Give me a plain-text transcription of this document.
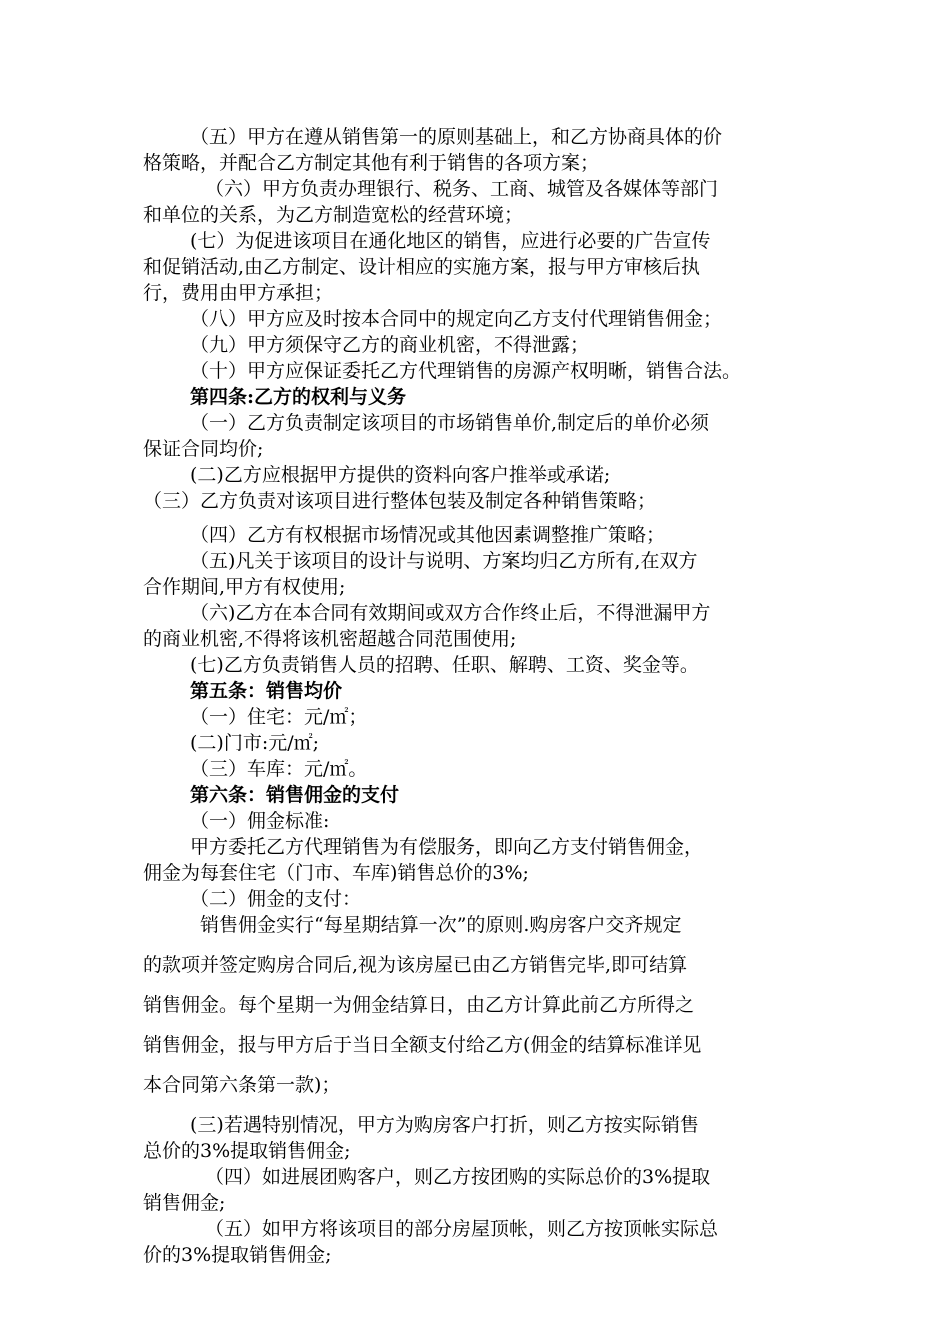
（五）甲方在遵从销售第一的原则基础上，和乙方协商具体的价
格策略，并配合乙方制定其他有利于销售的各项方案；
（六）甲方负责办理银行、税务、工商、城管及各媒体等部门
和单位的关系，为乙方制造宽松的经营环境；
(七）为促进该项目在通化地区的销售，应进行必要的广告宣传
和促销活动,由乙方制定、设计相应的实施方案，报与甲方审核后执
行，费用由甲方承担；
（八）甲方应及时按本合同中的规定向乙方支付代理销售佣金；
（九）甲方须保守乙方的商业机密，不得泄露；
（十）甲方应保证委托乙方代理销售的房源产权明晰，销售合法。
第四条:乙方的权利与义务
（一）乙方负责制定该项目的市场销售单价,制定后的单价必须
保证合同均价;
(二)乙方应根据甲方提供的资料向客户推举或承诺;
（三）乙方负责对该项目进行整体包装及制定各种销售策略；
（四）乙方有权根据市场情况或其他因素调整推广策略；
（五)凡关于该项目的设计与说明、方案均归乙方所有,在双方
合作期间,甲方有权使用;
（六)乙方在本合同有效期间或双方合作终止后，不得泄漏甲方
的商业机密,不得将该机密超越合同范围使用;
(七)乙方负责销售人员的招聘、任职、解聘、工资、奖金等。
第五条：销售均价
（一）住宅：元/㎡；
(二)门市:元/㎡;
（三）车库：元/㎡。
第六条：销售佣金的支付
（一）佣金标准:
甲方委托乙方代理销售为有偿服务，即向乙方支付销售佣金，
佣金为每套住宅（门市、车库)销售总价的3%;
（二）佣金的支付：
销售佣金实行“每星期结算一次”的原则.购房客户交齐规定
的款项并签定购房合同后,视为该房屋已由乙方销售完毕,即可结算
销售佣金。每个星期一为佣金结算日，由乙方计算此前乙方所得之
销售佣金，报与甲方后于当日全额支付给乙方(佣金的结算标准详见
本合同第六条第一款)；
(三)若遇特别情况，甲方为购房客户打折，则乙方按实际销售
总价的3%提取销售佣金;
（四）如进展团购客户，则乙方按团购的实际总价的3%提取
销售佣金;
（五）如甲方将该项目的部分房屋顶帐，则乙方按顶帐实际总
价的3%提取销售佣金;
